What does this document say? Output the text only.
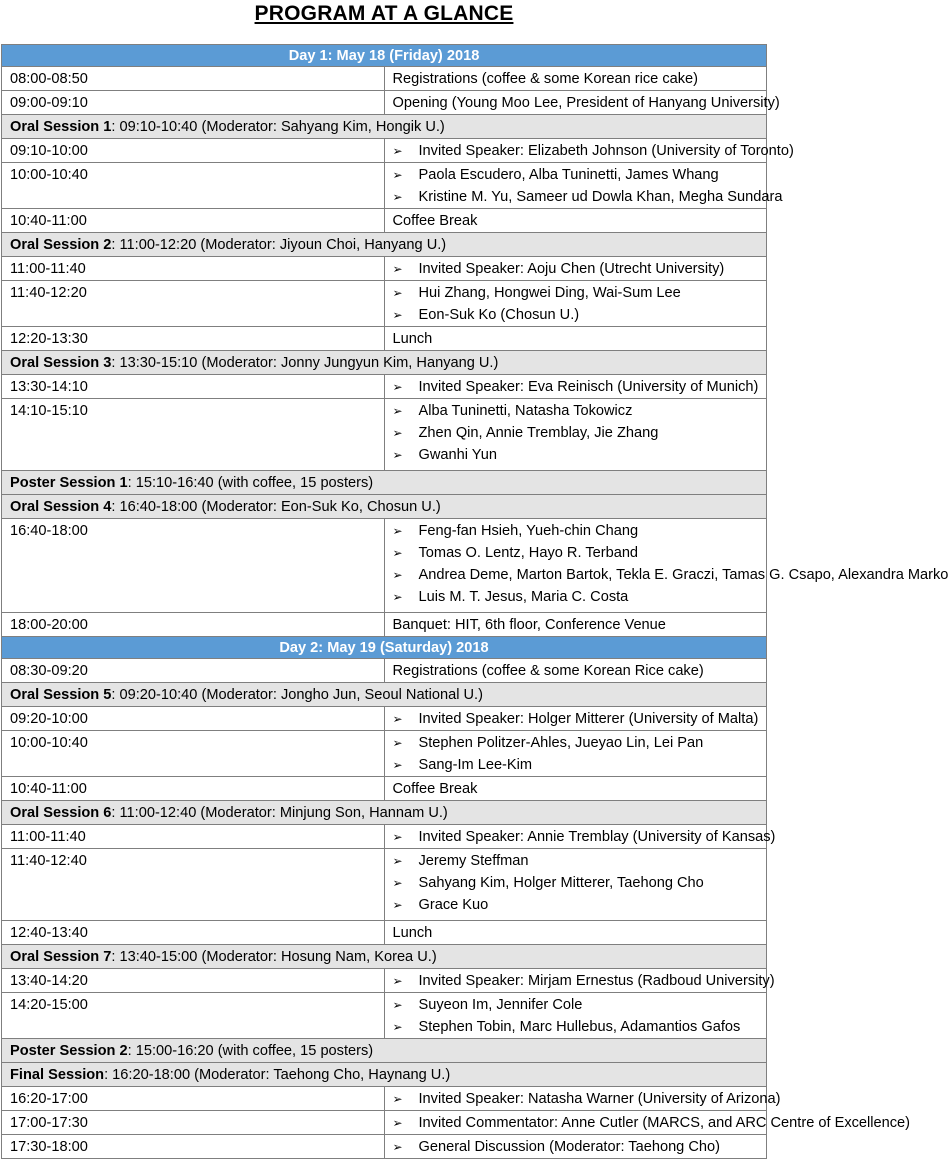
PROGRAM AT A GLANCE
Day 1: May 18 (Friday) 2018	
08:00-08:50	Registrations (coffee & some Korean rice cake)

09:00-09:10	Opening (Young Moo Lee, President of Hanyang University)

Oral Session 1: 09:10-10:40 (Moderator: Sahyang Kim, Hongik U.)	
09:10-10:00	➢ Invited Speaker: Elizabeth Johnson (University of Toronto)

10:00-10:40	➢ Paola Escudero, Alba Tuninetti, James Whang
➢ Kristine M. Yu, Sameer ud Dowla Khan, Megha Sundara

10:40-11:00	Coffee Break

Oral Session 2: 11:00-12:20 (Moderator: Jiyoun Choi, Hanyang U.)	
11:00-11:40	➢ Invited Speaker: Aoju Chen (Utrecht University)

11:40-12:20	➢ Hui Zhang, Hongwei Ding, Wai-Sum Lee
➢ Eon-Suk Ko (Chosun U.)

12:20-13:30	Lunch

Oral Session 3: 13:30-15:10 (Moderator: Jonny Jungyun Kim, Hanyang U.)	
13:30-14:10	➢ Invited Speaker: Eva Reinisch (University of Munich)

14:10-15:10	➢ Alba Tuninetti, Natasha Tokowicz
➢ Zhen Qin, Annie Tremblay, Jie Zhang
➢ Gwanhi Yun

Poster Session 1: 15:10-16:40 (with coffee, 15 posters)	
Oral Session 4: 16:40-18:00 (Moderator: Eon-Suk Ko, Chosun U.)	
16:40-18:00	➢ Feng-fan Hsieh, Yueh-chin Chang
➢ Tomas O. Lentz, Hayo R. Terband
➢ Andrea Deme, Marton Bartok, Tekla E. Graczi, Tamas G. Csapo, Alexandra Marko
➢ Luis M. T. Jesus, Maria C. Costa

18:00-20:00	Banquet: HIT, 6th floor, Conference Venue

Day 2: May 19 (Saturday) 2018	
08:30-09:20	Registrations (coffee & some Korean Rice cake)

Oral Session 5: 09:20-10:40 (Moderator: Jongho Jun, Seoul National U.)	
09:20-10:00	➢ Invited Speaker: Holger Mitterer (University of Malta)

10:00-10:40	➢ Stephen Politzer-Ahles, Jueyao Lin, Lei Pan
➢ Sang-Im Lee-Kim

10:40-11:00	Coffee Break

Oral Session 6: 11:00-12:40 (Moderator: Minjung Son, Hannam U.)	
11:00-11:40	➢ Invited Speaker: Annie Tremblay (University of Kansas)

11:40-12:40	➢ Jeremy Steffman
➢ Sahyang Kim, Holger Mitterer, Taehong Cho
➢ Grace Kuo

12:40-13:40	Lunch

Oral Session 7: 13:40-15:00 (Moderator: Hosung Nam, Korea U.)	
13:40-14:20	➢ Invited Speaker: Mirjam Ernestus (Radboud University)

14:20-15:00	➢ Suyeon Im, Jennifer Cole
➢ Stephen Tobin, Marc Hullebus, Adamantios Gafos

Poster Session 2: 15:00-16:20 (with coffee, 15 posters)	
Final Session: 16:20-18:00 (Moderator: Taehong Cho, Haynang U.)	
16:20-17:00	➢ Invited Speaker: Natasha Warner (University of Arizona)

17:00-17:30	➢ Invited Commentator: Anne Cutler (MARCS, and ARC Centre of Excellence)

17:30-18:00	➢ General Discussion (Moderator: Taehong Cho)
